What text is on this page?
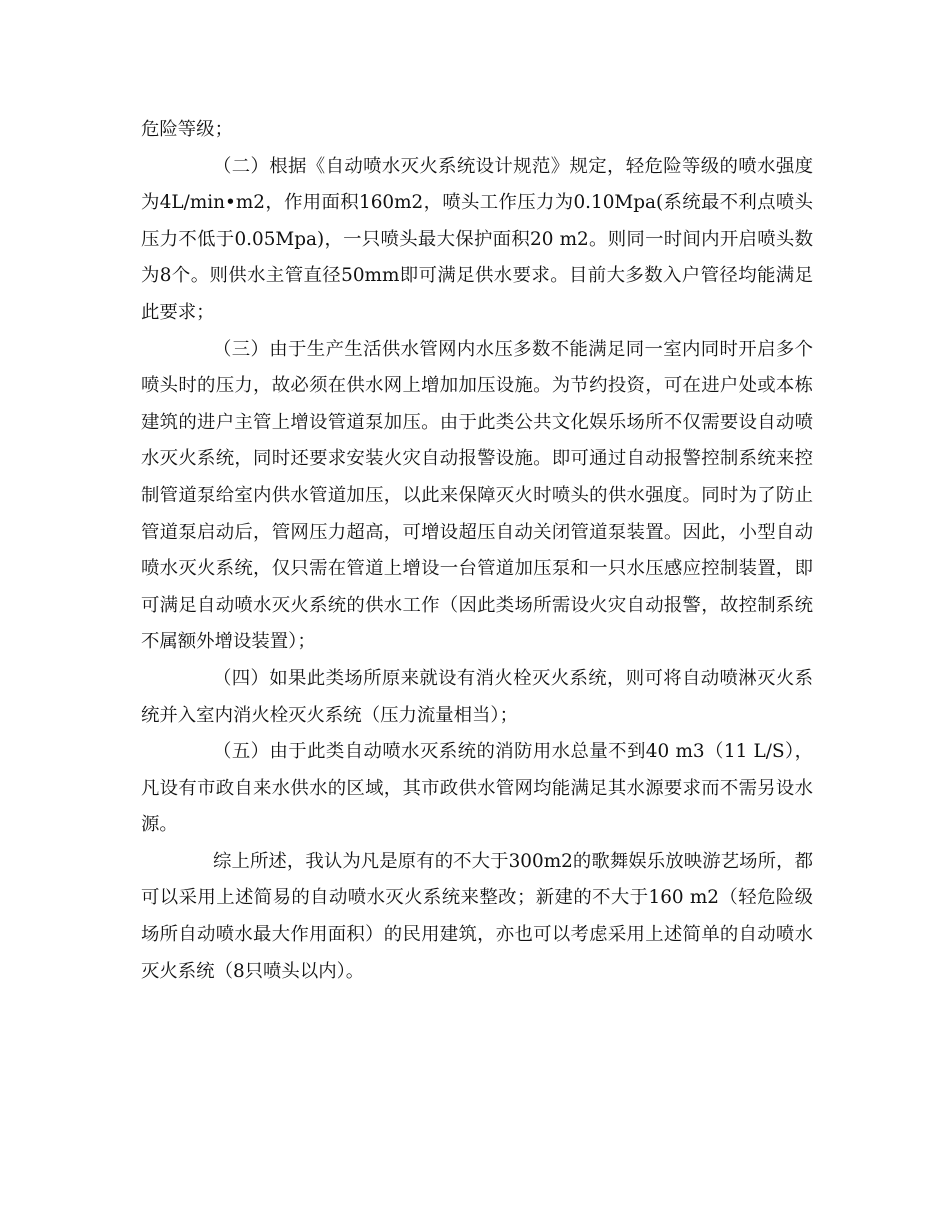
危险等级；

（二）根据《自动喷水灭火系统设计规范》规定，轻危险等级的喷水强度为4L/min•m2，作用面积160m2，喷头工作压力为0.10Mpa(系统最不利点喷头压力不低于0.05Mpa)，一只喷头最大保护面积20 m2。则同一时间内开启喷头数为8个。则供水主管直径50mm即可满足供水要求。目前大多数入户管径均能满足此要求；

（三）由于生产生活供水管网内水压多数不能满足同一室内同时开启多个喷头时的压力，故必须在供水网上增加加压设施。为节约投资，可在进户处或本栋建筑的进户主管上增设管道泵加压。由于此类公共文化娱乐场所不仅需要设自动喷水灭火系统，同时还要求安装火灾自动报警设施。即可通过自动报警控制系统来控制管道泵给室内供水管道加压，以此来保障灭火时喷头的供水强度。同时为了防止管道泵启动后，管网压力超高，可增设超压自动关闭管道泵装置。因此，小型自动喷水灭火系统，仅只需在管道上增设一台管道加压泵和一只水压感应控制装置，即可满足自动喷水灭火系统的供水工作（因此类场所需设火灾自动报警，故控制系统不属额外增设装置）；

（四）如果此类场所原来就设有消火栓灭火系统，则可将自动喷淋灭火系统并入室内消火栓灭火系统（压力流量相当）；

（五）由于此类自动喷水灭系统的消防用水总量不到40 m3（11 L/S），凡设有市政自来水供水的区域，其市政供水管网均能满足其水源要求而不需另设水源。

综上所述，我认为凡是原有的不大于300m2的歌舞娱乐放映游艺场所，都可以采用上述简易的自动喷水灭火系统来整改；新建的不大于160 m2（轻危险级场所自动喷水最大作用面积）的民用建筑，亦也可以考虑采用上述简单的自动喷水灭火系统（8只喷头以内）。
